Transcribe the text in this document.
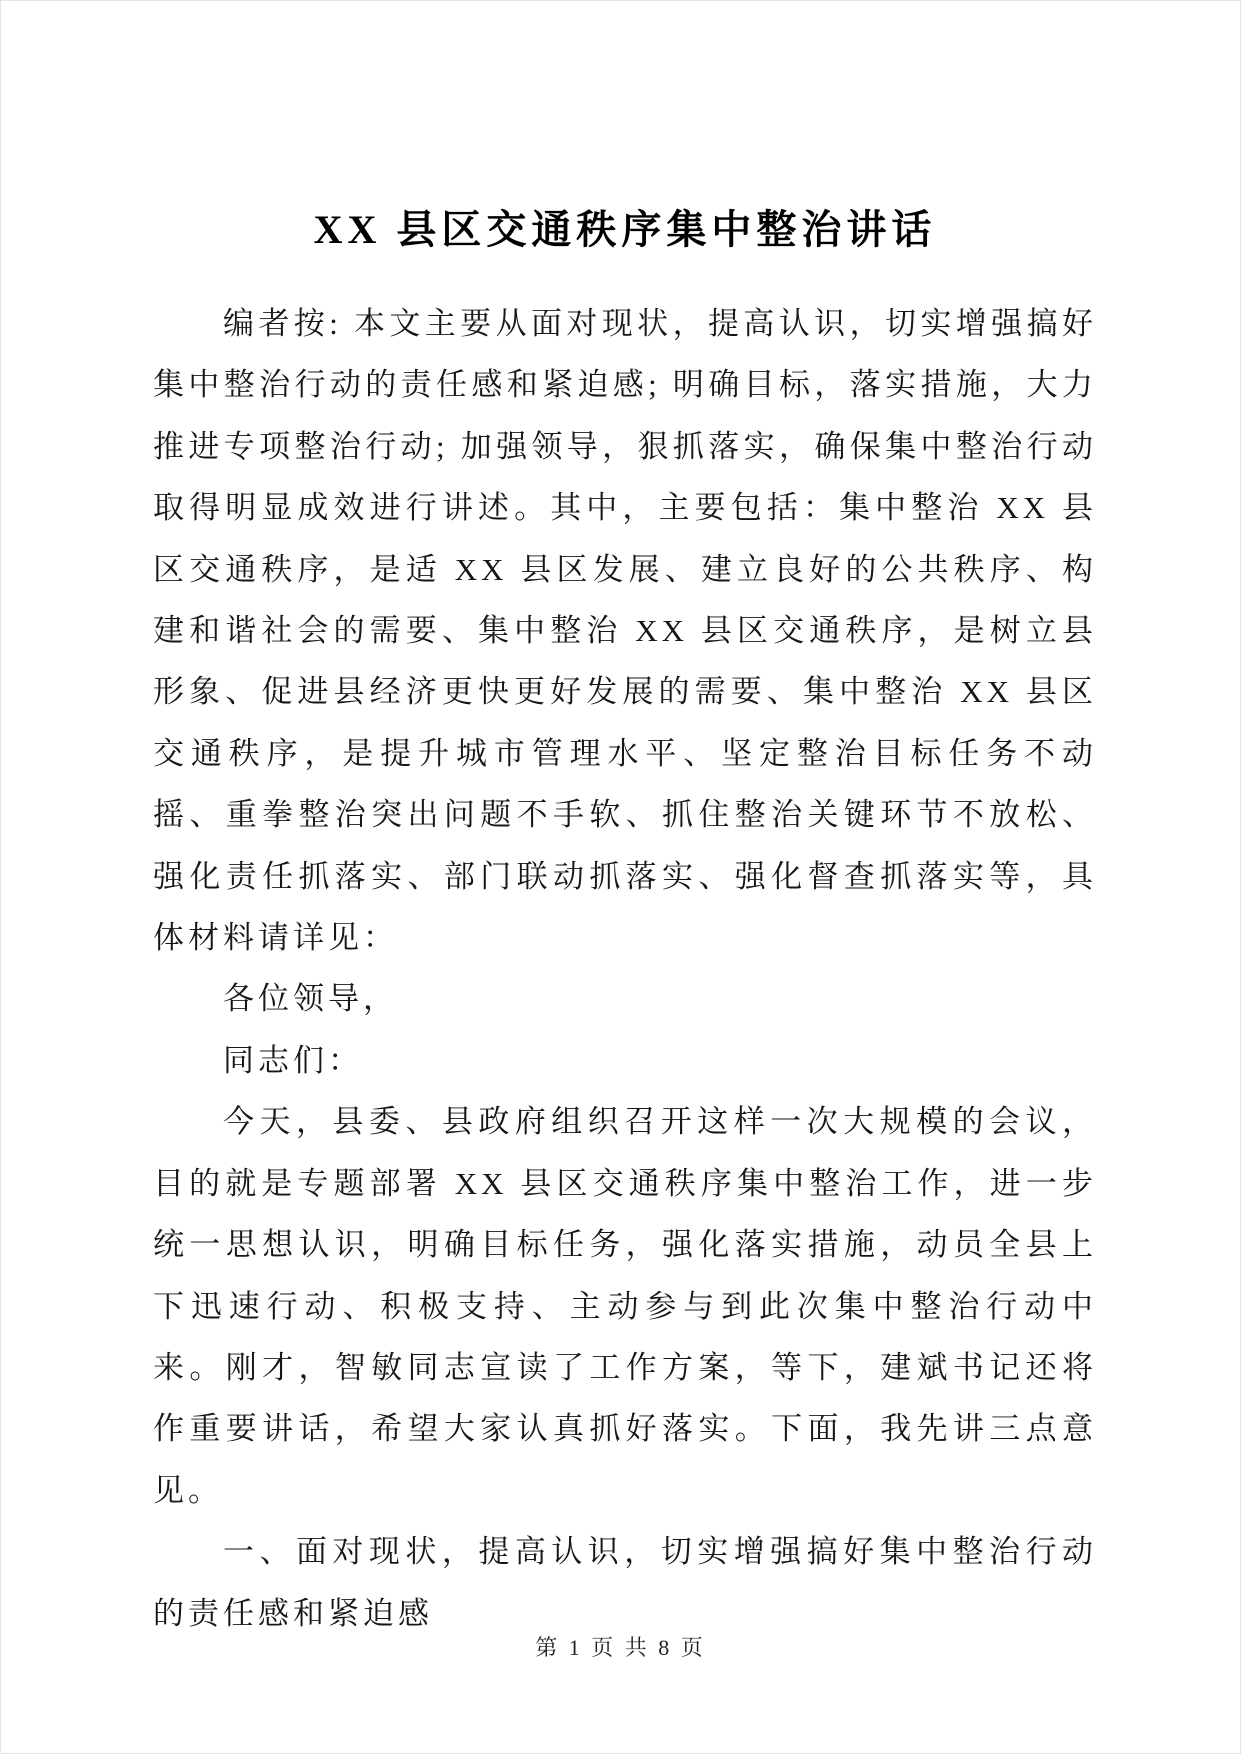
XX 县区交通秩序集中整治讲话

编者按: 本文主要从面对现状，提高认识，切实增强搞好集中整治行动的责任感和紧迫感; 明确目标，落实措施，大力推进专项整治行动; 加强领导，狠抓落实，确保集中整治行动取得明显成效进行讲述。其中，主要包括：集中整治 XX 县区交通秩序，是适 XX 县区发展、建立良好的公共秩序、构建和谐社会的需要、集中整治 XX 县区交通秩序，是树立县形象、促进县经济更快更好发展的需要、集中整治 XX 县区交通秩序，是提升城市管理水平、坚定整治目标任务不动摇、重拳整治突出问题不手软、抓住整治关键环节不放松、强化责任抓落实、部门联动抓落实、强化督查抓落实等，具体材料请详见：

各位领导，

同志们：

今天，县委、县政府组织召开这样一次大规模的会议，目的就是专题部署 XX 县区交通秩序集中整治工作，进一步统一思想认识，明确目标任务，强化落实措施，动员全县上下迅速行动、积极支持、主动参与到此次集中整治行动中来。刚才，智敏同志宣读了工作方案，等下，建斌书记还将作重要讲话，希望大家认真抓好落实。下面，我先讲三点意见。

一、面对现状，提高认识，切实增强搞好集中整治行动的责任感和紧迫感

第 1 页 共 8 页
